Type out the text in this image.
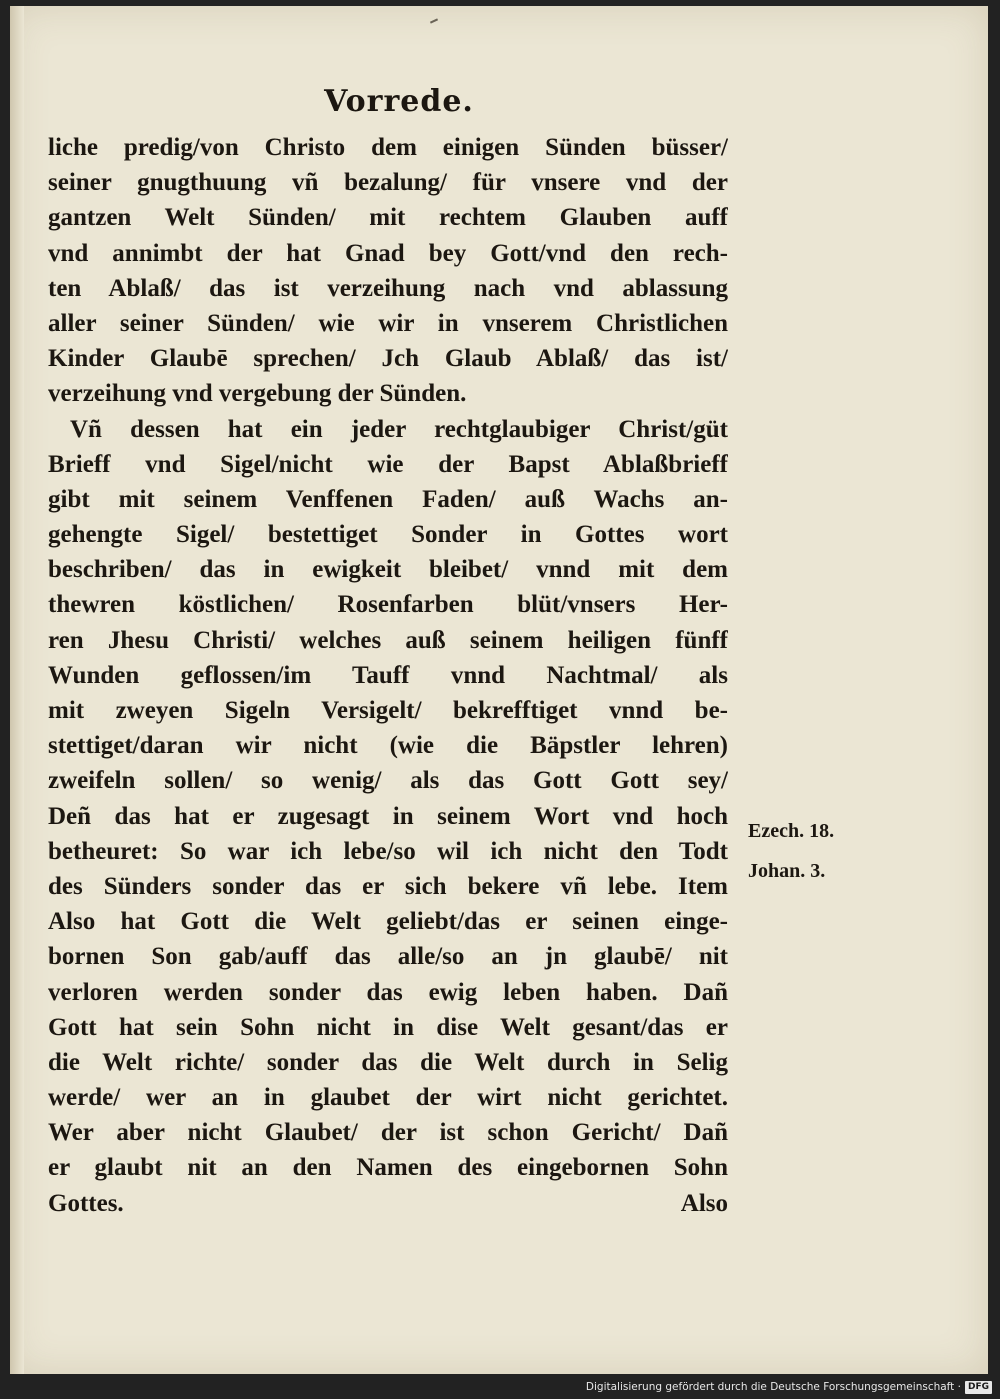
Vorrede.
liche predig/von Christo dem einigen Sünden büsser/
seiner gnugthuung vñ bezalung/ für vnsere vnd der
gantzen Welt Sünden/ mit rechtem Glauben auff
vnd annimbt der hat Gnad bey Gott/vnd den rech-
ten Ablaß/ das ist verzeihung nach vnd ablassung
aller seiner Sünden/ wie wir in vnserem Christlichen
Kinder Glaubē sprechen/ Jch Glaub Ablaß/ das ist/
verzeihung vnd vergebung der Sünden.
Vñ dessen hat ein jeder rechtglaubiger Christ/güt
Brieff vnd Sigel/nicht wie der Bapst Ablaßbrieff
gibt mit seinem Venffenen Faden/ auß Wachs an-
gehengte Sigel/ bestettiget Sonder in Gottes wort
beschriben/ das in ewigkeit bleibet/ vnnd mit dem
thewren köstlichen/ Rosenfarben blüt/vnsers Her-
ren Jhesu Christi/ welches auß seinem heiligen fünff
Wunden geflossen/im Tauff vnnd Nachtmal/ als
mit zweyen Sigeln Versigelt/ bekrefftiget vnnd be-
stettiget/daran wir nicht (wie die Bäpstler lehren)
zweifeln sollen/ so wenig/ als das Gott Gott sey/
Deñ das hat er zugesagt in seinem Wort vnd hoch
betheuret: So war ich lebe/so wil ich nicht den Todt
des Sünders sonder das er sich bekere vñ lebe. Item
Also hat Gott die Welt geliebt/das er seinen einge-
bornen Son gab/auff das alle/so an jn glaubē/ nit
verloren werden sonder das ewig leben haben. Dañ
Gott hat sein Sohn nicht in dise Welt gesant/das er
die Welt richte/ sonder das die Welt durch in Selig
werde/ wer an in glaubet der wirt nicht gerichtet.
Wer aber nicht Glaubet/ der ist schon Gericht/ Dañ
er glaubt nit an den Namen des eingebornen Sohn
Gottes.	Also
Ezech. 18.
Johan. 3.
Digitalisierung gefördert durch die Deutsche Forschungsgemeinschaft · DFG
